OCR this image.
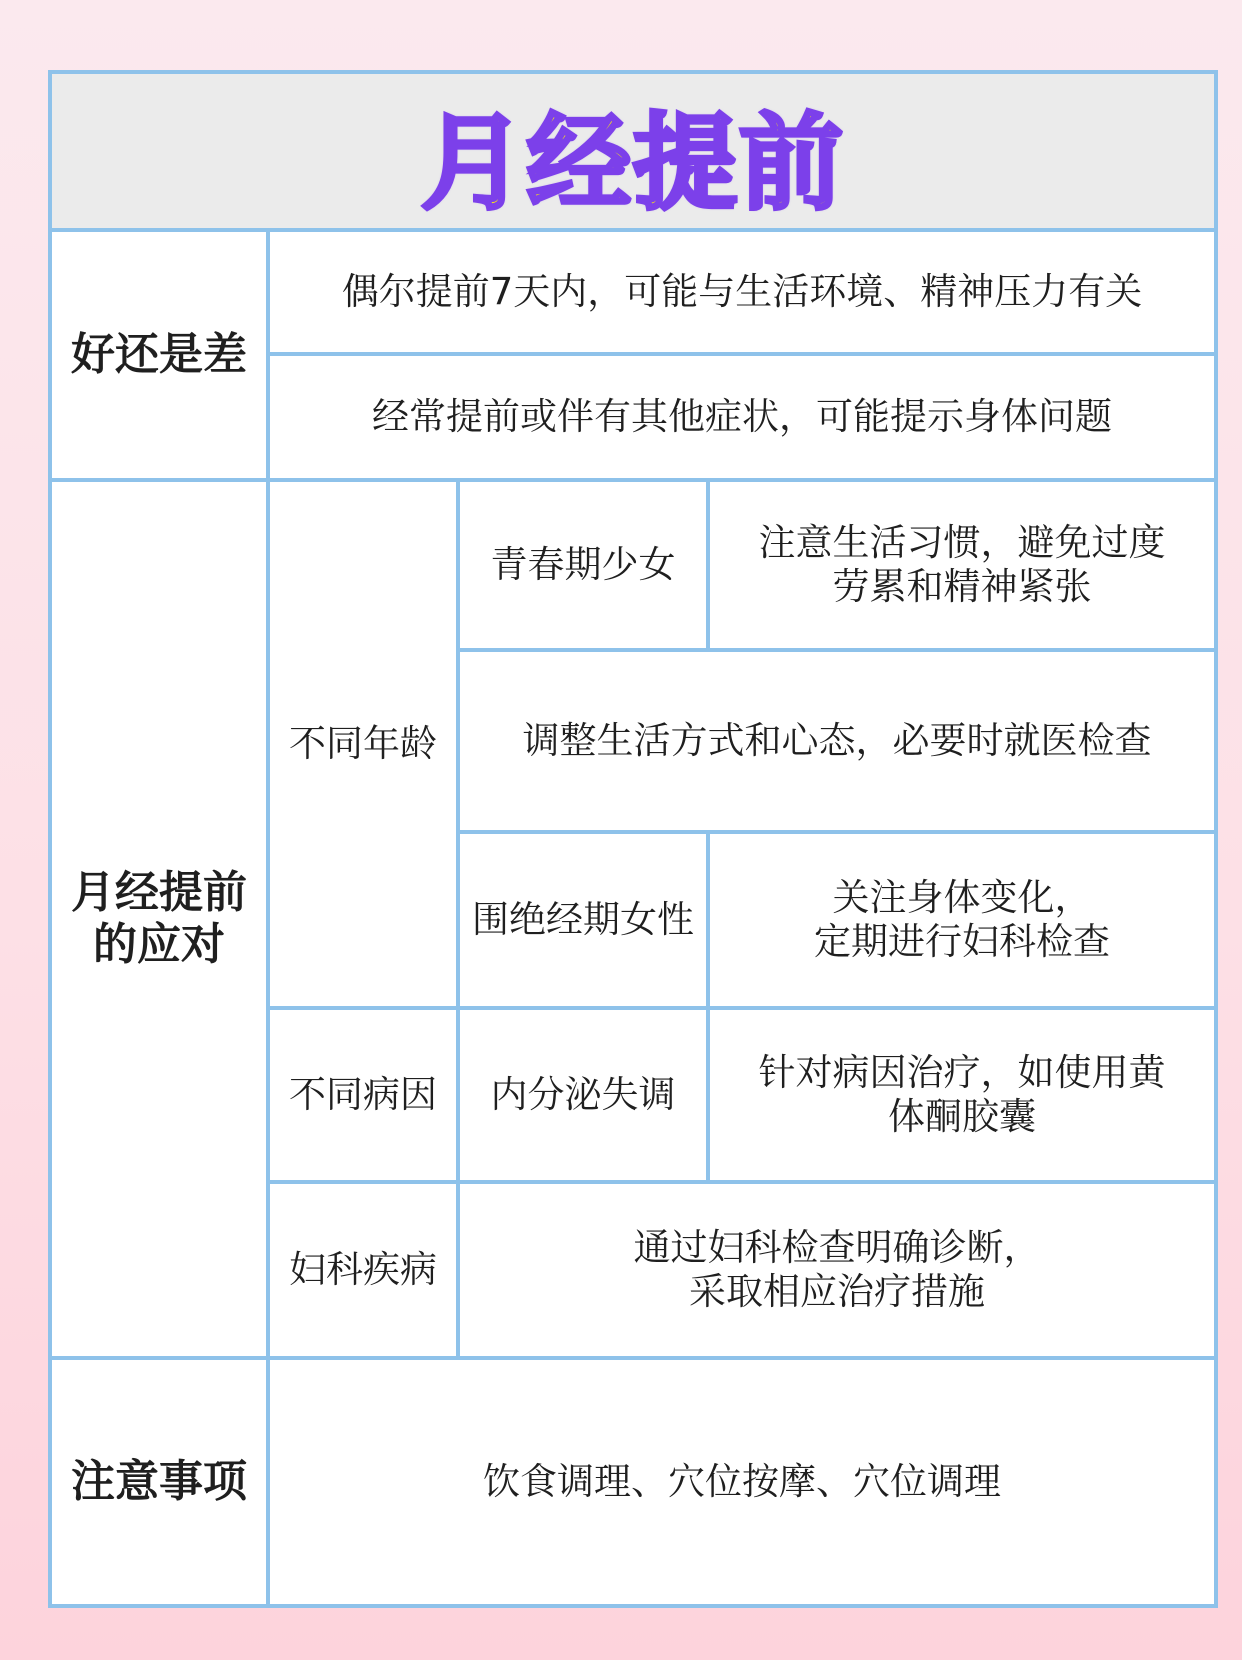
月经提前
好还是差
偶尔提前7天内，可能与生活环境、精神压力有关
经常提前或伴有其他症状，可能提示身体问题
月经提前
的应对
不同年龄
青春期少女
注意生活习惯，避免过度
劳累和精神紧张
调整生活方式和心态，必要时就医检查
围绝经期女性
关注身体变化，
定期进行妇科检查
不同病因 内分泌失调
针对病因治疗，如使用黄
体酮胶囊
妇科疾病
通过妇科检查明确诊断，
采取相应治疗措施
注意事项	饮食调理、穴位按摩、穴位调理
